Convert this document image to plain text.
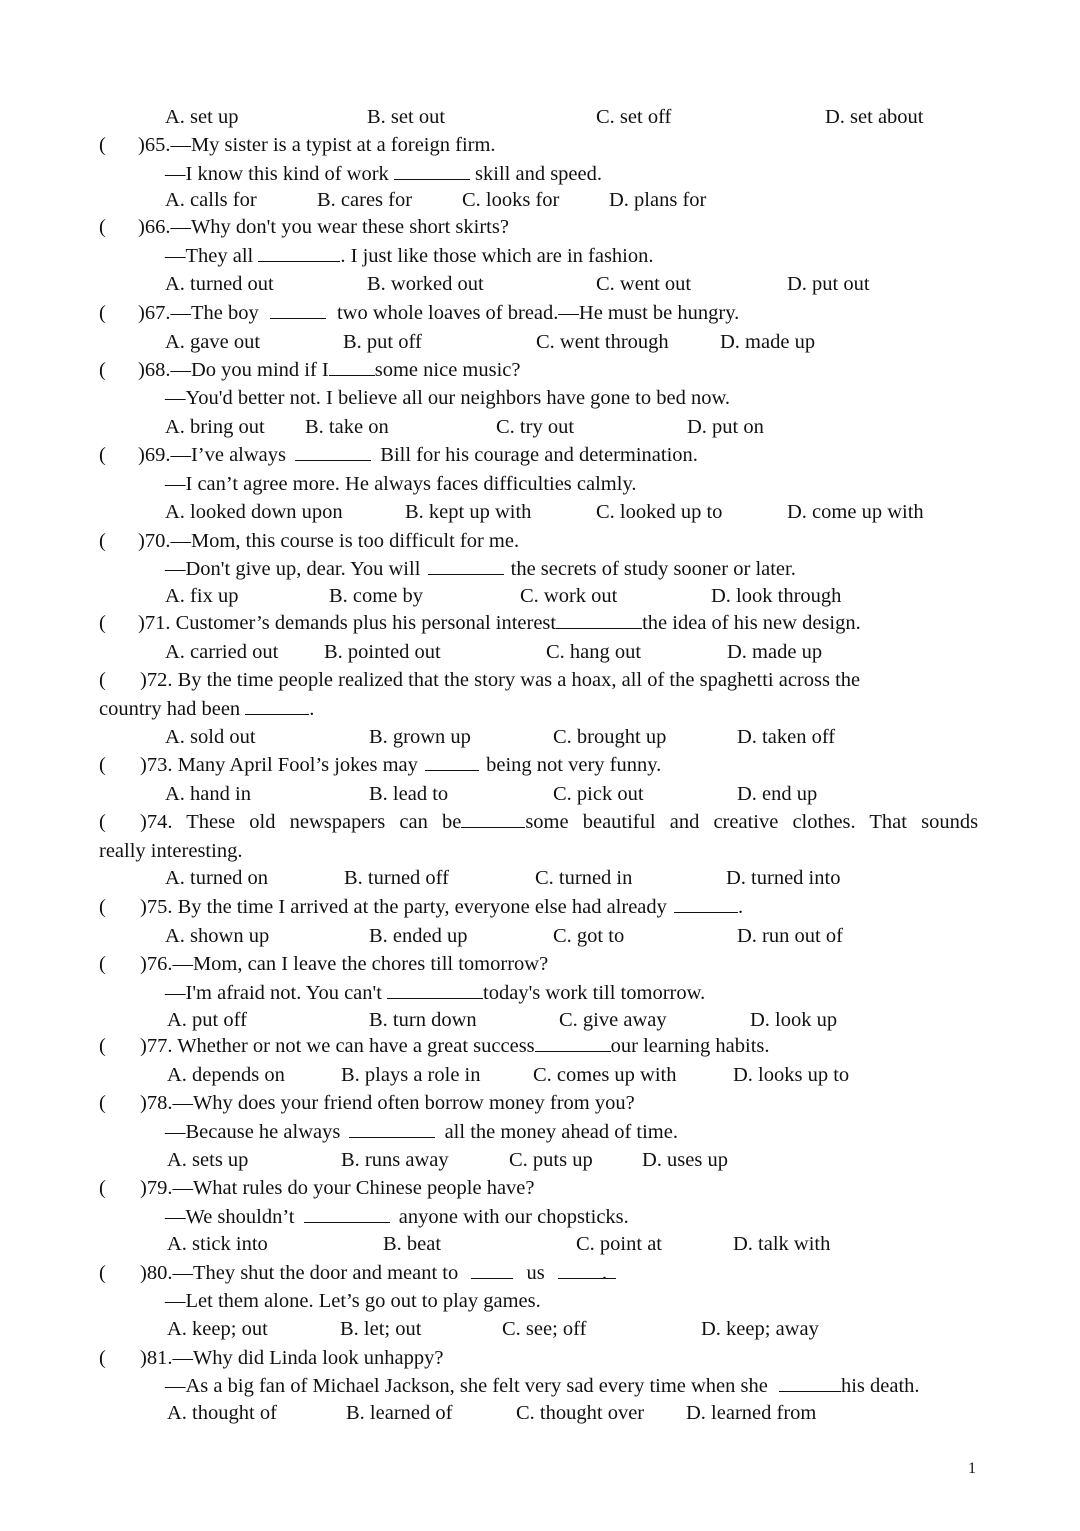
A. set up	B. set out	C. set off	D. set about
( )65.—My sister is a typist at a foreign firm.
—I know this kind of work	skill and speed.
A. calls for	B. cares for C. looks for D. plans for
( )66.—Why don't you wear these short skirts?
—They all	. I just like those which are in fashion.
A. turned out	B. worked out	C. went out	D. put out
( )67.—The boy	two whole loaves of bread.—He must be hungry.
A. gave out	B. put off	C. went through	D. made up
( )68.—Do you mind if I some nice music?
—You'd better not. I believe all our neighbors have gone to bed now.
A. bring out B. take on	C. try out	D. put on
( )69.—I’ve always	Bill for his courage and determination.
—I can’t agree more. He always faces difficulties calmly.
A. looked down upon	B. kept up with	C. looked up to	D. come up with
( )70.—Mom, this course is too difficult for me.
—Don't give up, dear. You will	the secrets of study sooner or later.
A. fix up	B. come by	C. work out	D. look through
( )71. Customer’s demands plus his personal interest	the idea of his new design.
A. carried out B. pointed out	C. hang out	D. made up
( )72. By the time people realized that the story was a hoax, all of the spaghetti across the
country had been	.
A. sold out	B. grown up	C. brought up	D. taken off
( )73. Many April Fool’s jokes may	being not very funny.
A. hand in	B. lead to	C. pick out	D. end up
( )74. These old newspapers can be	some beautiful and creative clothes. That sounds
really interesting.
A. turned on	B. turned off	C. turned in	D. turned into
( )75. By the time I arrived at the party, everyone else had already	.
A. shown up	B. ended up	C. got to	D. run out of
( )76.—Mom, can I leave the chores till tomorrow?
—I'm afraid not. You can't	today's work till tomorrow.
A. put off	B. turn down	C. give away	D. look up
( )77. Whether or not we can have a great success	our learning habits.
A. depends on	B. plays a role in	C. comes up with	D. looks up to
( )78.—Why does your friend often borrow money from you?
—Because he always	all the money ahead of time.
A. sets up	B. runs away	C. puts up D. uses up
( )79.—What rules do your Chinese people have?
—We shouldn’t	anyone with our chopsticks.
A. stick into	B. beat	C. point at	D. talk with
( )80.—They shut the door and meant to	us	.
—Let them alone. Let’s go out to play games.
A. keep; out	B. let; out	C. see; off	D. keep; away
( )81.—Why did Linda look unhappy?
—As a big fan of Michael Jackson, she felt very sad every time when she	his death.
A. thought of	B. learned of	C. thought over D. learned from
1
